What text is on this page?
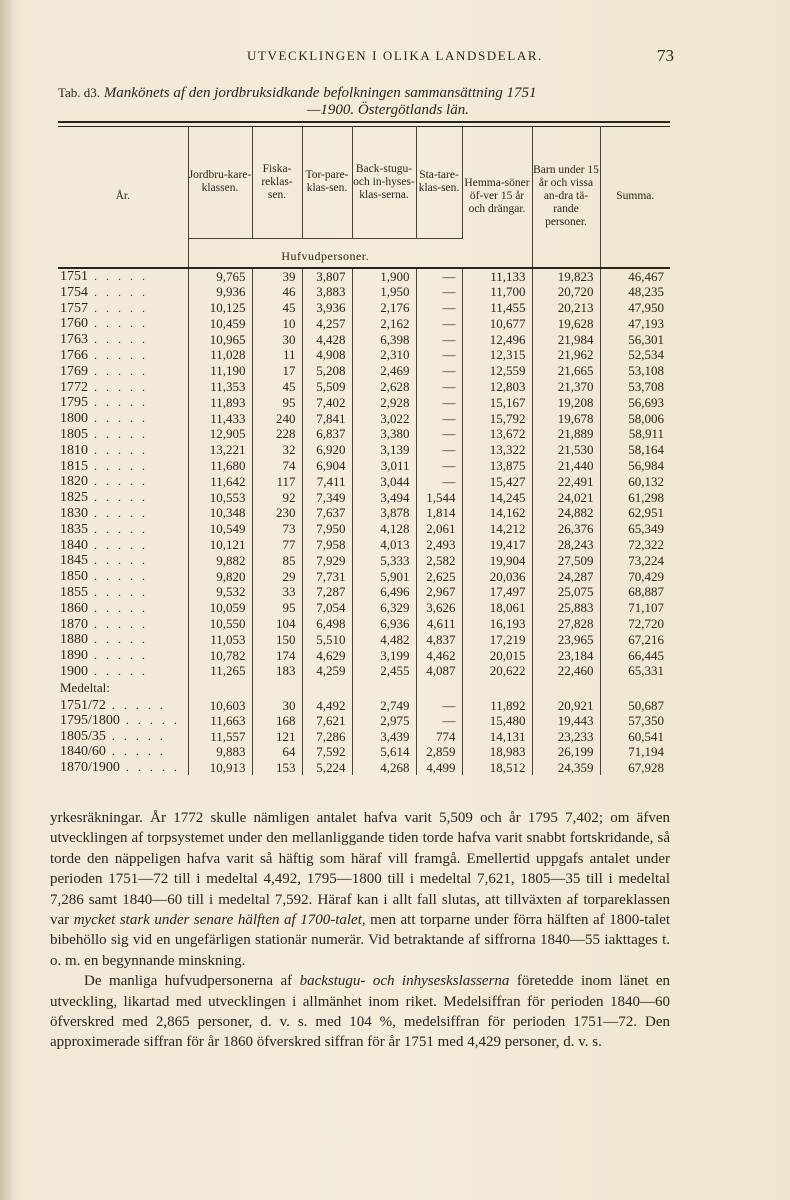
UTVECKLINGEN I OLIKA LANDSDELAR.	73
Tab. d3. Mankönets af den jordbruksidkande befolkningen sammansättning 1751
—1900. Östergötlands län.
År.	Jordbru-kare-klassen.	Fiska-reklas-sen.	Tor-pare-klas-sen.	Back-stugu-och in-hyses-klas-serna.	Sta-tare-klas-sen.	Hemma-söner öf-ver 15 år och drängar.	Barn under 15 år och vissa an-dra tä-rande personer.	Summa.
	Hufvudpersoner.							
1751 . . . . .	9,765	39	3,807	1,900	—	11,133	19,823	46,467
1754 . . . . .	9,936	46	3,883	1,950	—	11,700	20,720	48,235
1757 . . . . .	10,125	45	3,936	2,176	—	11,455	20,213	47,950
1760 . . . . .	10,459	10	4,257	2,162	—	10,677	19,628	47,193
1763 . . . . .	10,965	30	4,428	6,398	—	12,496	21,984	56,301
1766 . . . . .	11,028	11	4,908	2,310	—	12,315	21,962	52,534
1769 . . . . .	11,190	17	5,208	2,469	—	12,559	21,665	53,108
1772 . . . . .	11,353	45	5,509	2,628	—	12,803	21,370	53,708
1795 . . . . .	11,893	95	7,402	2,928	—	15,167	19,208	56,693
1800 . . . . .	11,433	240	7,841	3,022	—	15,792	19,678	58,006
1805 . . . . .	12,905	228	6,837	3,380	—	13,672	21,889	58,911
1810 . . . . .	13,221	32	6,920	3,139	—	13,322	21,530	58,164
1815 . . . . .	11,680	74	6,904	3,011	—	13,875	21,440	56,984
1820 . . . . .	11,642	117	7,411	3,044	—	15,427	22,491	60,132
1825 . . . . .	10,553	92	7,349	3,494	1,544	14,245	24,021	61,298
1830 . . . . .	10,348	230	7,637	3,878	1,814	14,162	24,882	62,951
1835 . . . . .	10,549	73	7,950	4,128	2,061	14,212	26,376	65,349
1840 . . . . .	10,121	77	7,958	4,013	2,493	19,417	28,243	72,322
1845 . . . . .	9,882	85	7,929	5,333	2,582	19,904	27,509	73,224
1850 . . . . .	9,820	29	7,731	5,901	2,625	20,036	24,287	70,429
1855 . . . . .	9,532	33	7,287	6,496	2,967	17,497	25,075	68,887
1860 . . . . .	10,059	95	7,054	6,329	3,626	18,061	25,883	71,107
1870 . . . . .	10,550	104	6,498	6,936	4,611	16,193	27,828	72,720
1880 . . . . .	11,053	150	5,510	4,482	4,837	17,219	23,965	67,216
1890 . . . . .	10,782	174	4,629	3,199	4,462	20,015	23,184	66,445
1900 . . . . .	11,265	183	4,259	2,455	4,087	20,622	22,460	65,331
Medeltal:								
1751/72 . . . . .	10,603	30	4,492	2,749	—	11,892	20,921	50,687
1795/1800 . . . . .	11,663	168	7,621	2,975	—	15,480	19,443	57,350
1805/35 . . . . .	11,557	121	7,286	3,439	774	14,131	23,233	60,541
1840/60 . . . . .	9,883	64	7,592	5,614	2,859	18,983	26,199	71,194
1870/1900 . . . . .	10,913	153	5,224	4,268	4,499	18,512	24,359	67,928

yrkesräkningar. År 1772 skulle nämligen antalet hafva varit 5,509 och år 1795 7,402; om äfven utvecklingen af torpsystemet under den mellanliggande tiden torde hafva varit snabbt fortskridande, så torde den näppeligen hafva varit så häftig som häraf vill framgå. Emellertid uppgafs antalet under perioden 1751—72 till i medeltal 4,492, 1795—1800 till i medeltal 7,621, 1805—35 till i medeltal 7,286 samt 1840—60 till i medeltal 7,592. Häraf kan i allt fall slutas, att tillväxten af torpareklassen var mycket stark under senare hälften af 1700-talet, men att torparne under förra hälften af 1800-talet bibehöllo sig vid en ungefärligen stationär numerär. Vid betraktande af siffrorna 1840—55 iakttages t. o. m. en begynnande minskning.

De manliga hufvudpersonerna af backstugu- och inhyseskslasserna företedde inom länet en utveckling, likartad med utvecklingen i allmänhet inom riket. Medelsiffran för perioden 1840—60 öfverskred med 2,865 personer, d. v. s. med 104 %, medelsiffran för perioden 1751—72. Den approximerade siffran för år 1860 öfverskred siffran för år 1751 med 4,429 personer, d. v. s.
